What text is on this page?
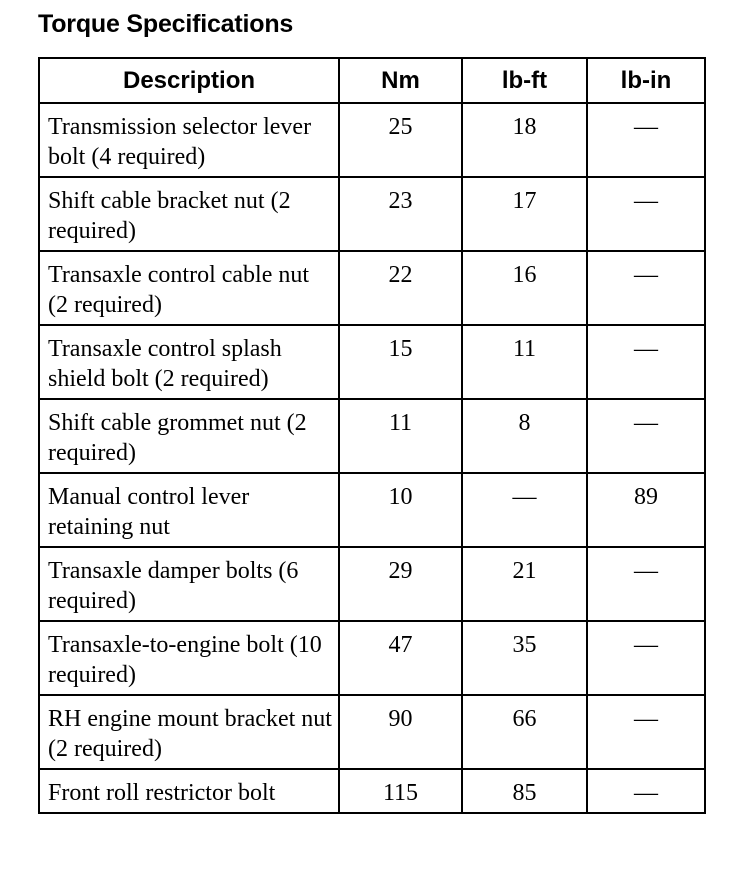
Torque Specifications
Description	Nm	lb-ft	lb-in
Transmission selector lever bolt (4 required)	25	18	—
Shift cable bracket nut (2 required)	23	17	—
Transaxle control cable nut (2 required)	22	16	—
Transaxle control splash shield bolt (2 required)	15	11	—
Shift cable grommet nut (2 required)	11	8	—
Manual control lever retaining nut	10	—	89
Transaxle damper bolts (6 required)	29	21	—
Transaxle-to-engine bolt (10 required)	47	35	—
RH engine mount bracket nut (2 required)	90	66	—
Front roll restrictor bolt	115	85	—
